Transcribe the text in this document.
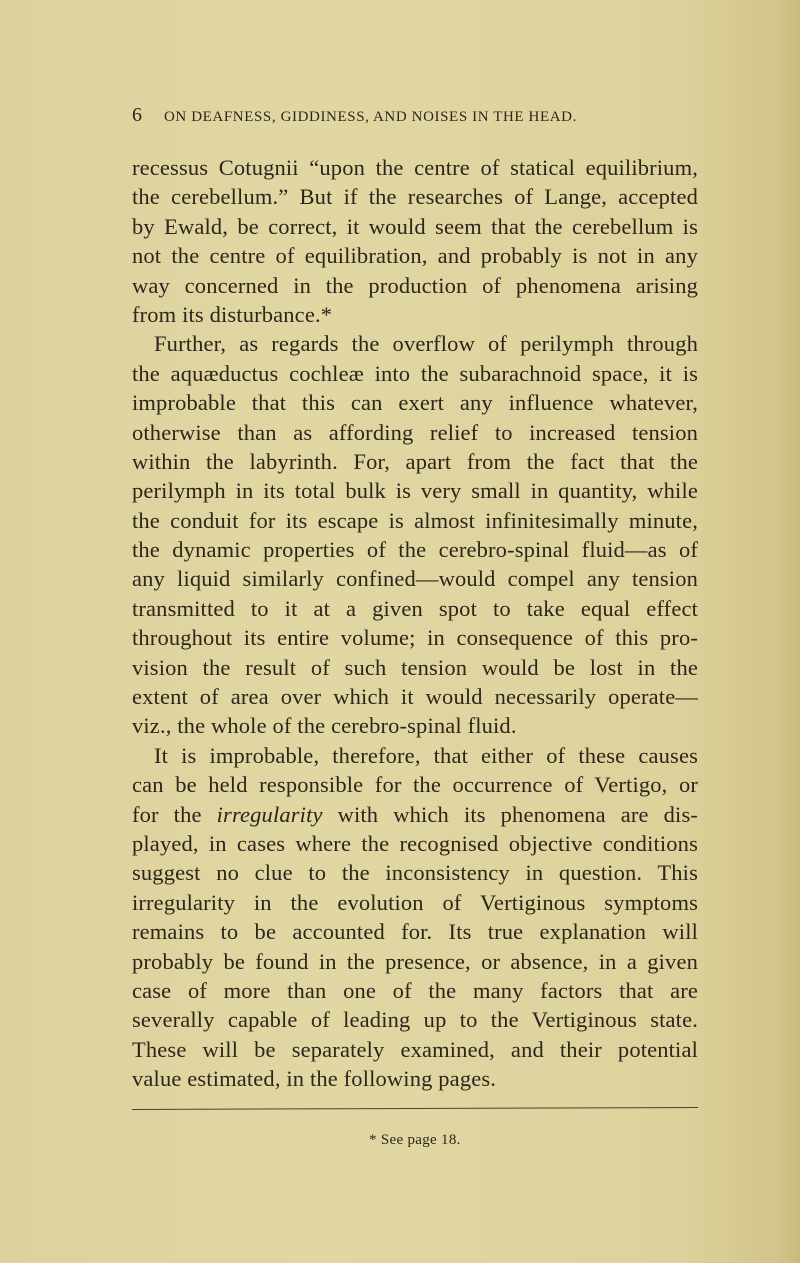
6 ON DEAFNESS, GIDDINESS, AND NOISES IN THE HEAD.
recessus Cotugnii “upon the centre of statical equilibrium,
the cerebellum.” But if the researches of Lange, accepted
by Ewald, be correct, it would seem that the cerebellum is
not the centre of equilibration, and probably is not in any
way concerned in the production of phenomena arising
from its disturbance.*
Further, as regards the overflow of perilymph through
the aquæductus cochleæ into the subarachnoid space, it is
improbable that this can exert any influence whatever,
otherwise than as affording relief to increased tension
within the labyrinth. For, apart from the fact that the
perilymph in its total bulk is very small in quantity, while
the conduit for its escape is almost infinitesimally minute,
the dynamic properties of the cerebro-spinal fluid—as of
any liquid similarly confined—would compel any tension
transmitted to it at a given spot to take equal effect
throughout its entire volume; in consequence of this pro-
vision the result of such tension would be lost in the
extent of area over which it would necessarily operate—
viz., the whole of the cerebro-spinal fluid.
It is improbable, therefore, that either of these causes
can be held responsible for the occurrence of Vertigo, or
for the irregularity with which its phenomena are dis-
played, in cases where the recognised objective conditions
suggest no clue to the inconsistency in question. This
irregularity in the evolution of Vertiginous symptoms
remains to be accounted for. Its true explanation will
probably be found in the presence, or absence, in a given
case of more than one of the many factors that are
severally capable of leading up to the Vertiginous state.
These will be separately examined, and their potential
value estimated, in the following pages.
* See page 18.
